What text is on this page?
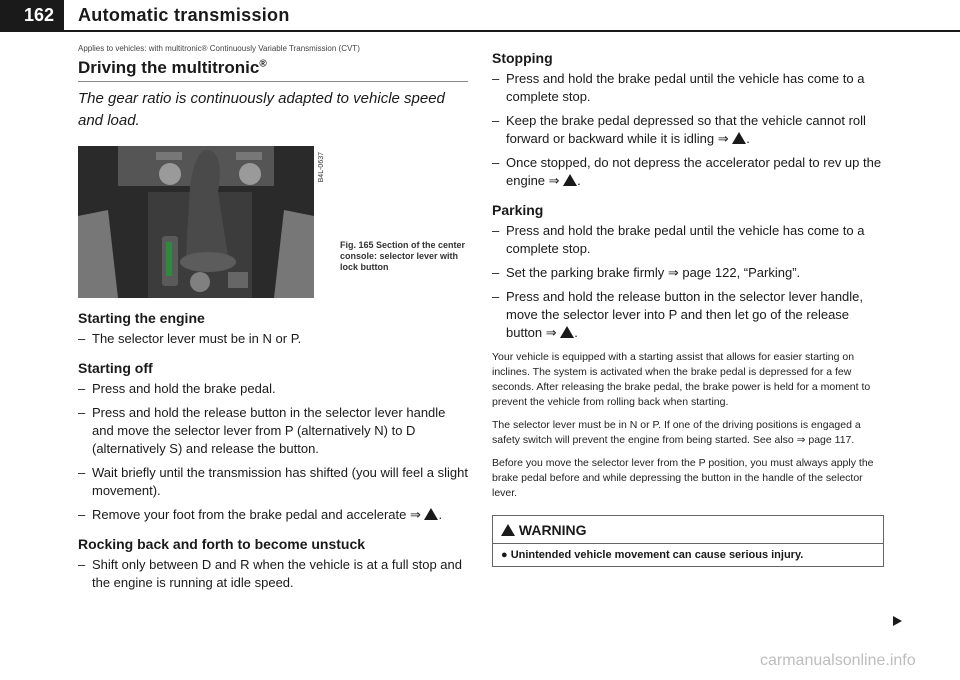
162	Automatic transmission
Applies to vehicles: with multitronic® Continuously Variable Transmission (CVT)
Driving the multitronic®
The gear ratio is continuously adapted to vehicle speed and load.
B4L-0637
Fig. 165 Section of the center console: selector lever with lock button
Starting the engine
– The selector lever must be in N or P.
Starting off
– Press and hold the brake pedal.
– Press and hold the release button in the selector lever handle and move the selector lever from P (alternatively N) to D (alternatively S) and release the button.
– Wait briefly until the transmission has shifted (you will feel a slight movement).
– Remove your foot from the brake pedal and accelerate ⇒ .
Rocking back and forth to become unstuck
– Shift only between D and R when the vehicle is at a full stop and the engine is running at idle speed.
Stopping
– Press and hold the brake pedal until the vehicle has come to a complete stop.
– Keep the brake pedal depressed so that the vehicle cannot roll forward or backward while it is idling ⇒ .
– Once stopped, do not depress the accelerator pedal to rev up the engine ⇒ .
Parking
– Press and hold the brake pedal until the vehicle has come to a complete stop.
– Set the parking brake firmly ⇒ page 122, “Parking”.
– Press and hold the release button in the selector lever handle, move the selector lever into P and then let go of the release button ⇒ .
Your vehicle is equipped with a starting assist that allows for easier starting on inclines. The system is activated when the brake pedal is depressed for a few seconds. After releasing the brake pedal, the brake power is held for a moment to prevent the vehicle from rolling back when starting.
The selector lever must be in N or P. If one of the driving positions is engaged a safety switch will prevent the engine from being started. See also ⇒ page 117.
Before you move the selector lever from the P position, you must always apply the brake pedal before and while depressing the button in the handle of the selector lever.
WARNING
● Unintended vehicle movement can cause serious injury.
carmanualsonline.info
